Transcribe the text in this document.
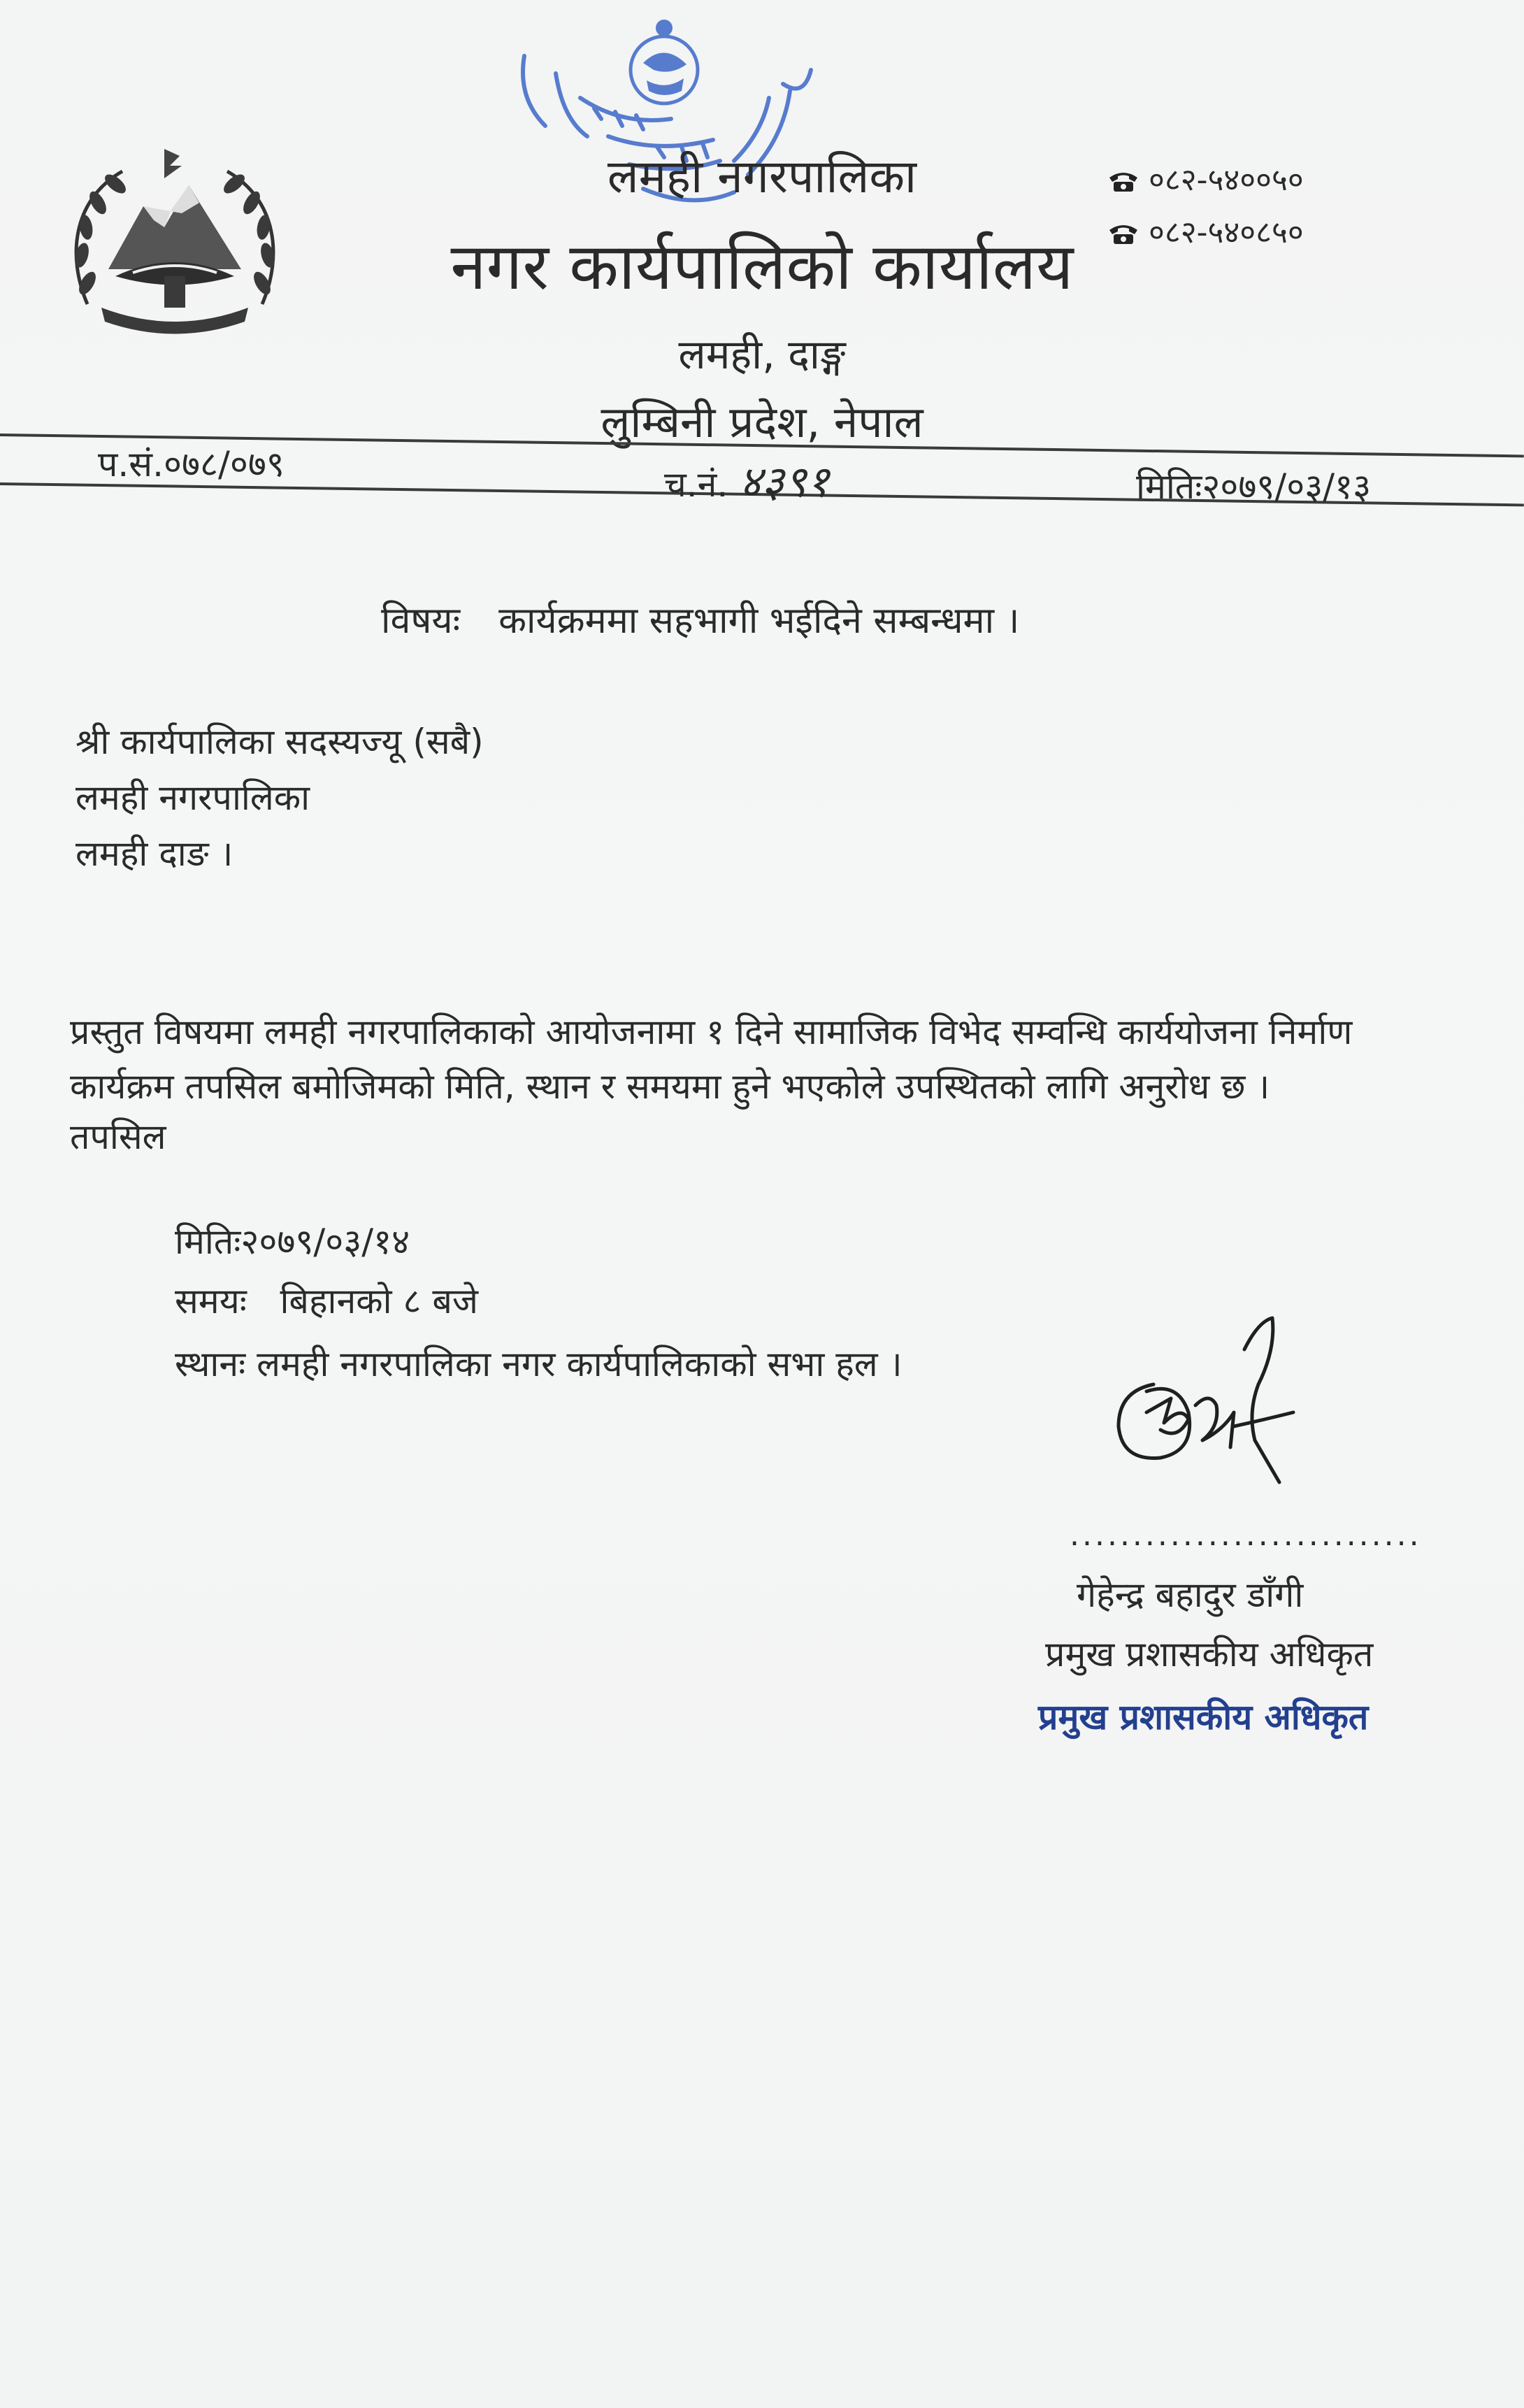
लमही नगरपालिका
नगर कार्यपालिको कार्यालय
लमही, दाङ्ग
लुम्बिनी प्रदेश, नेपाल
०८२-५४००५०
०८२-५४०८५०
प.सं.०७८/०७९	च.नं. ४३९१	मितिः२०७९/०३/१३
विषयः कार्यक्रममा सहभागी भईदिने सम्बन्धमा ।
श्री कार्यपालिका सदस्यज्यू (सबै)
लमही नगरपालिका
लमही दाङ ।
प्रस्तुत विषयमा लमही नगरपालिकाको आयोजनामा १ दिने सामाजिक विभेद सम्वन्धि कार्ययोजना निर्माण
कार्यक्रम तपसिल बमोजिमको मिति, स्थान र समयमा हुने भएकोले उपस्थितको लागि अनुरोध छ ।
तपसिल
मितिः२०७९/०३/१४
समयः   बिहानको ८ बजे
स्थानः लमही नगरपालिका नगर कार्यपालिकाको सभा हल ।
............................
गेहेन्द्र बहादुर डाँगी
प्रमुख प्रशासकीय अधिकृत
प्रमुख प्रशासकीय अधिकृत
